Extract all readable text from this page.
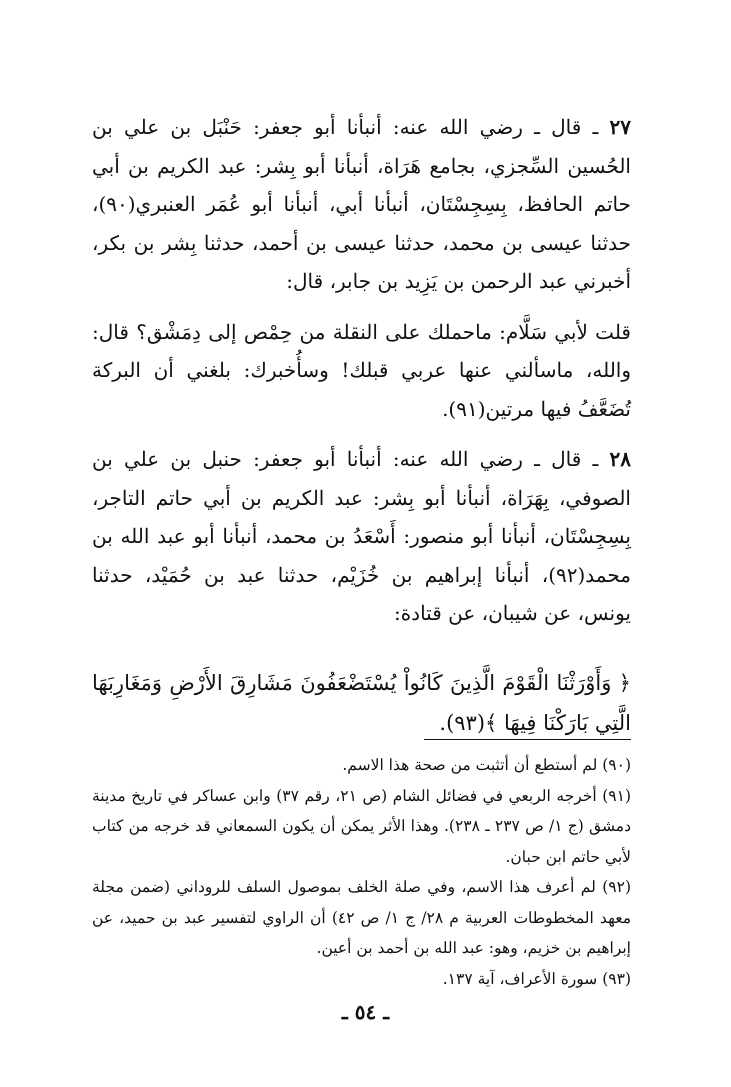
٢٧ ـ قال ـ رضي الله عنه: أنبأنا أبو جعفر: حَنْبَل بن علي بن الحُسين السِّجزي، بجامع هَرَاة، أنبأنا أبو بِشر: عبد الكريم بن أبي حاتم الحافظ، بِسِجِسْتَان، أنبأنا أبي، أنبأنا أبو عُمَر العنبري(٩٠)، حدثنا عيسى بن محمد، حدثنا عيسى بن أحمد، حدثنا بِشر بن بكر، أخبرني عبد الرحمن بن يَزِيد بن جابر، قال:

قلت لأبي سَلَّام: ماحملك على النقلة من حِمْص إلى دِمَشْق؟ قال: والله، ماسألني عنها عربي قبلك! وسأُخبرك: بلغني أن البركة تُضَعَّفُ فيها مرتين(٩١).

٢٨ ـ قال ـ رضي الله عنه: أنبأنا أبو جعفر: حنبل بن علي بن الصوفي، بِهَرَاة، أنبأنا أبو بِشر: عبد الكريم بن أبي حاتم التاجر، بِسِجِسْتَان، أنبأنا أبو منصور: أَسْعَدُ بن محمد، أنبأنا أبو عبد الله بن محمد(٩٢)، أنبأنا إبراهيم بن خُزَيْم، حدثنا عبد بن حُمَيْد، حدثنا يونس، عن شيبان، عن قتادة:

﴿ وَأَوْرَثْنَا الْقَوْمَ الَّذِينَ كَانُواْ يُسْتَضْعَفُونَ مَشَارِقَ الأَرْضِ وَمَغَارِبَهَا الَّتِي بَارَكْنَا فِيهَا ﴾(٩٣).

(٩٠) لم أستطع أن أتثبت من صحة هذا الاسم.

(٩١) أخرجه الربعي في فضائل الشام (ص ٢١، رقم ٣٧) وابن عساكر في تاريخ مدينة دمشق (ج ١/ ص ٢٣٧ ـ ٢٣٨). وهذا الأثر يمكن أن يكون السمعاني قد خرجه من كتاب لأبي حاتم ابن حبان.

(٩٢) لم أعرف هذا الاسم، وفي صلة الخلف بموصول السلف للروداني (ضمن مجلة معهد المخطوطات العربية م ٢٨/ ج ١/ ص ٤٢) أن الراوي لتفسير عبد بن حميد، عن إبراهيم بن خزيم، وهو: عبد الله بن أحمد بن أعين.

(٩٣) سورة الأعراف، آية ١٣٧.

ـ ٥٤ ـ
